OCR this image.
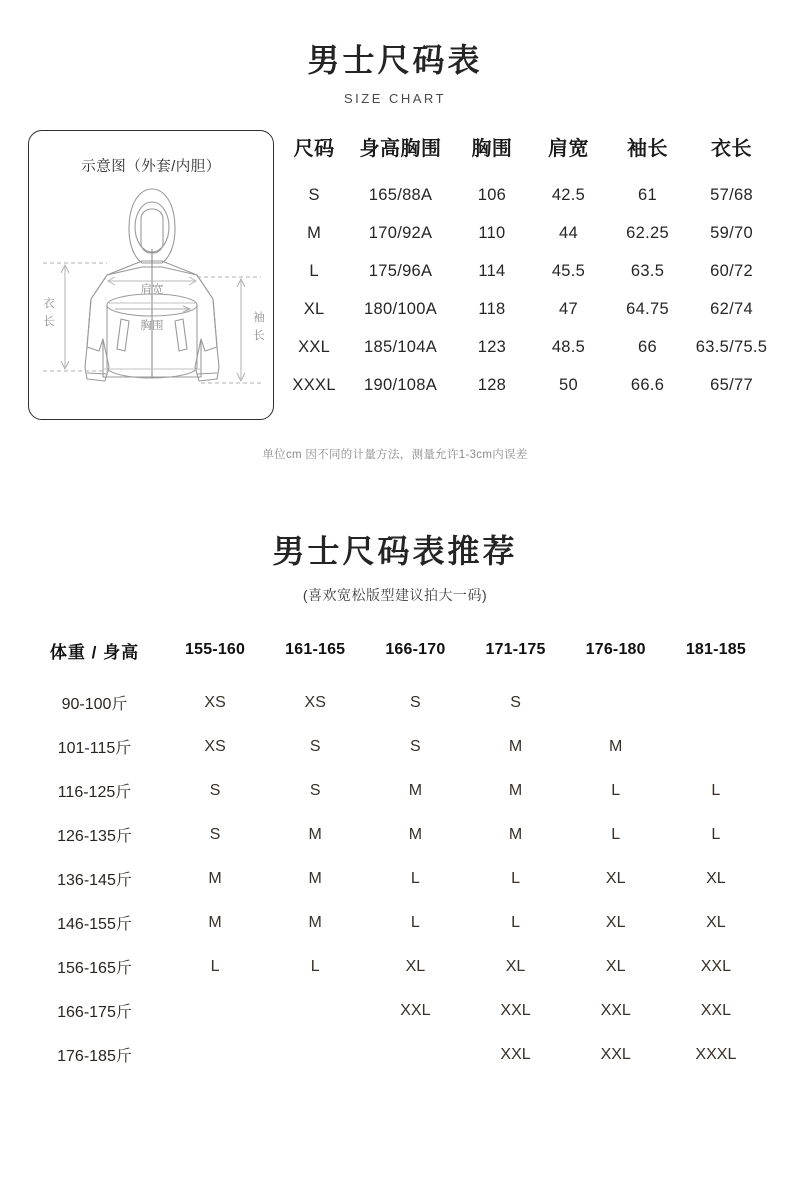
男士尺码表
SIZE CHART
示意图（外套/内胆）
肩宽
胸围
衣
长	袖
长
尺码	身高胸围	胸围	肩宽	袖长	衣长
S	165/88A	106	42.5	61	57/68
M	170/92A	110	44	62.25	59/70
L	175/96A	114	45.5	63.5	60/72
XL	180/100A	118	47	64.75	62/74
XXL	185/104A	123	48.5	66	63.5/75.5
XXXL	190/108A	128	50	66.6	65/77
单位cm 因不同的计量方法，测量允许1-3cm内误差
男士尺码表推荐
(喜欢宽松版型建议拍大一码)
体重 / 身高	155-160	161-165	166-170	171-175	176-180	181-185
90-100斤	XS	XS	S	S		
101-115斤	XS	S	S	M	M	
116-125斤	S	S	M	M	L	L
126-135斤	S	M	M	M	L	L
136-145斤	M	M	L	L	XL	XL
146-155斤	M	M	L	L	XL	XL
156-165斤	L	L	XL	XL	XL	XXL
166-175斤			XXL	XXL	XXL	XXL
176-185斤				XXL	XXL	XXXL
